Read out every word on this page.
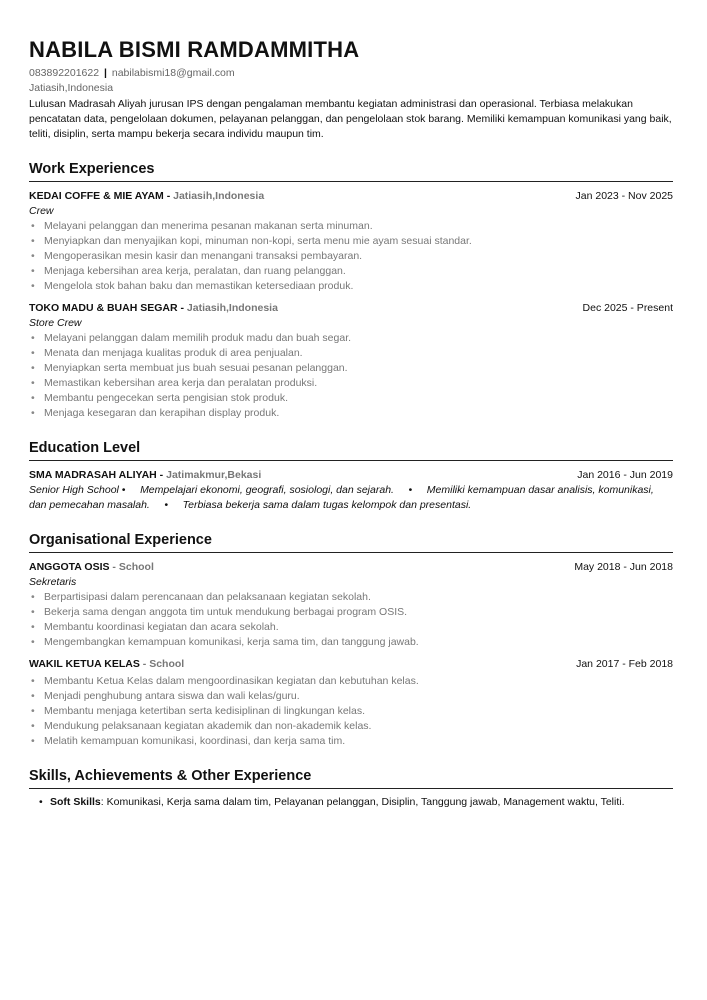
NABILA BISMI RAMDAMMITHA
083892201622 | nabilabismi18@gmail.com
Jatiasih,Indonesia
Lulusan Madrasah Aliyah jurusan IPS dengan pengalaman membantu kegiatan administrasi dan operasional. Terbiasa melakukan pencatatan data, pengelolaan dokumen, pelayanan pelanggan, dan pengelolaan stok barang. Memiliki kemampuan komunikasi yang baik, teliti, disiplin, serta mampu bekerja secara individu maupun tim.
Work Experiences
KEDAI COFFE & MIE AYAM - Jatiasih,Indonesia	Jan 2023 - Nov 2025
Crew
• Melayani pelanggan dan menerima pesanan makanan serta minuman.
• Menyiapkan dan menyajikan kopi, minuman non-kopi, serta menu mie ayam sesuai standar.
• Mengoperasikan mesin kasir dan menangani transaksi pembayaran.
• Menjaga kebersihan area kerja, peralatan, dan ruang pelanggan.
• Mengelola stok bahan baku dan memastikan ketersediaan produk.
TOKO MADU & BUAH SEGAR - Jatiasih,Indonesia	Dec 2025 - Present
Store Crew
• Melayani pelanggan dalam memilih produk madu dan buah segar.
• Menata dan menjaga kualitas produk di area penjualan.
• Menyiapkan serta membuat jus buah sesuai pesanan pelanggan.
• Memastikan kebersihan area kerja dan peralatan produksi.
• Membantu pengecekan serta pengisian stok produk.
• Menjaga kesegaran dan kerapihan display produk.
Education Level
SMA MADRASAH ALIYAH - Jatimakmur,Bekasi	Jan 2016 - Jun 2019
Senior High School •     Mempelajari ekonomi, geografi, sosiologi, dan sejarah.     •     Memiliki kemampuan dasar analisis, komunikasi, dan pemecahan masalah.     •     Terbiasa bekerja sama dalam tugas kelompok dan presentasi.
Organisational Experience
ANGGOTA OSIS - School	May 2018 - Jun 2018
Sekretaris
• Berpartisipasi dalam perencanaan dan pelaksanaan kegiatan sekolah.
• Bekerja sama dengan anggota tim untuk mendukung berbagai program OSIS.
• Membantu koordinasi kegiatan dan acara sekolah.
• Mengembangkan kemampuan komunikasi, kerja sama tim, dan tanggung jawab.
WAKIL KETUA KELAS - School	Jan 2017 - Feb 2018
• Membantu Ketua Kelas dalam mengoordinasikan kegiatan dan kebutuhan kelas.
• Menjadi penghubung antara siswa dan wali kelas/guru.
• Membantu menjaga ketertiban serta kedisiplinan di lingkungan kelas.
• Mendukung pelaksanaan kegiatan akademik dan non-akademik kelas.
• Melatih kemampuan komunikasi, koordinasi, dan kerja sama tim.
Skills, Achievements & Other Experience
• Soft Skills: Komunikasi, Kerja sama dalam tim, Pelayanan pelanggan, Disiplin, Tanggung jawab, Management waktu, Teliti.
